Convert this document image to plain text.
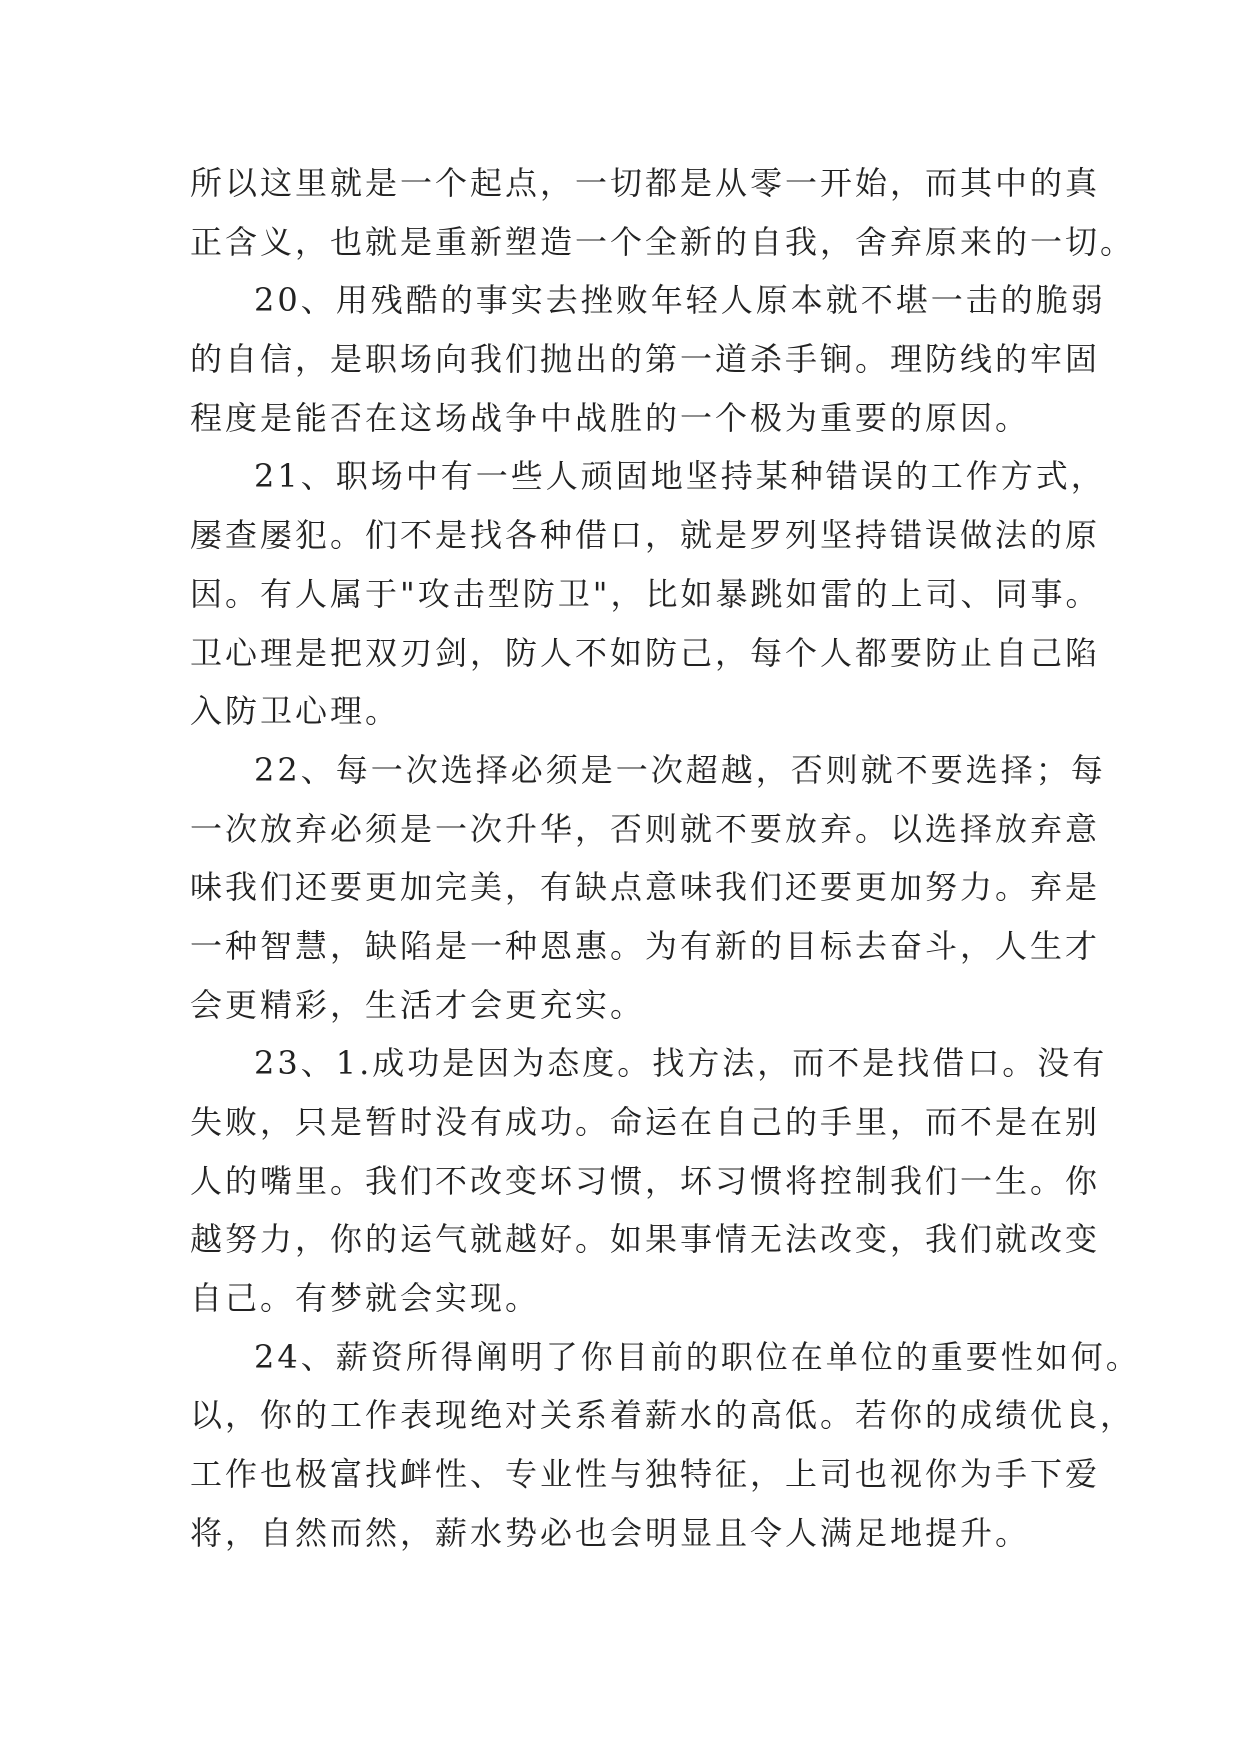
所以这里就是一个起点，一切都是从零一开始，而其中的真
正含义，也就是重新塑造一个全新的自我，舍弃原来的一切。
20、用残酷的事实去挫败年轻人原本就不堪一击的脆弱
的自信，是职场向我们抛出的第一道杀手锏。理防线的牢固
程度是能否在这场战争中战胜的一个极为重要的原因。
21、职场中有一些人顽固地坚持某种错误的工作方式，
屡查屡犯。们不是找各种借口，就是罗列坚持错误做法的原
因。有人属于"攻击型防卫"，比如暴跳如雷的上司、同事。
卫心理是把双刃剑，防人不如防己，每个人都要防止自己陷
入防卫心理。
22、每一次选择必须是一次超越，否则就不要选择；每
一次放弃必须是一次升华，否则就不要放弃。以选择放弃意
味我们还要更加完美，有缺点意味我们还要更加努力。弃是
一种智慧，缺陷是一种恩惠。为有新的目标去奋斗，人生才
会更精彩，生活才会更充实。
23、1.成功是因为态度。找方法，而不是找借口。没有
失败，只是暂时没有成功。命运在自己的手里，而不是在别
人的嘴里。我们不改变坏习惯，坏习惯将控制我们一生。你
越努力，你的运气就越好。如果事情无法改变，我们就改变
自己。有梦就会实现。
24、薪资所得阐明了你目前的职位在单位的重要性如何。
以，你的工作表现绝对关系着薪水的高低。若你的成绩优良，
工作也极富找衅性、专业性与独特征，上司也视你为手下爱
将，自然而然，薪水势必也会明显且令人满足地提升。
